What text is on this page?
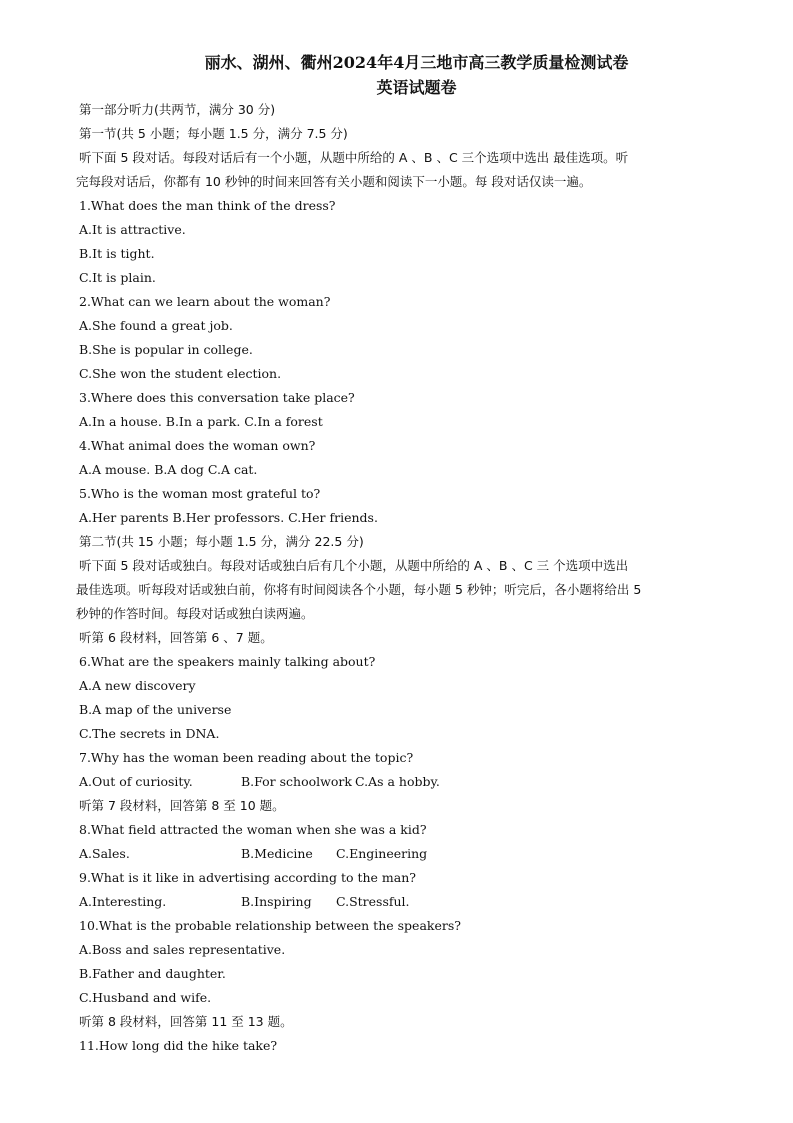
丽水、湖州、衢州2024年4月三地市高三教学质量检测试卷
英语试题卷
第一部分听力(共两节，满分 30 分)
第一节(共 5 小题；每小题 1.5 分，满分 7.5 分)
听下面 5 段对话。每段对话后有一个小题，从题中所给的 A 、B 、C 三个选项中选出 最佳选项。听
完每段对话后，你都有 10 秒钟的时间来回答有关小题和阅读下一小题。每 段对话仅读一遍。
1.What does the man think of the dress?
A.It is attractive.
B.It is tight.
C.It is plain.
2.What can we learn about the woman?
A.She found a great job.
B.She is popular in college.
C.She won the student election.
3.Where does this conversation take place?
A.In a house. B.In a park. C.In a forest
4.What animal does the woman own?
A.A mouse. B.A dog C.A cat.
5.Who is the woman most grateful to?
A.Her parents B.Her professors. C.Her friends.
第二节(共 15 小题；每小题 1.5 分，满分 22.5 分)
听下面 5 段对话或独白。每段对话或独白后有几个小题，从题中所给的 A 、B 、C 三 个选项中选出
最佳选项。听每段对话或独白前，你将有时间阅读各个小题，每小题 5 秒钟；听完后，各小题将给出 5
秒钟的作答时间。每段对话或独白读两遍。
听第 6 段材料，回答第 6 、7 题。
6.What are the speakers mainly talking about?
A.A new discovery
B.A map of the universe
C.The secrets in DNA.
7.Why has the woman been reading about the topic?
A.Out of curiosity.	B.For schoolwork C.As a hobby.
听第 7 段材料，回答第 8 至 10 题。
8.What field attracted the woman when she was a kid?
A.Sales.	B.Medicine	C.Engineering
9.What is it like in advertising according to the man?
A.Interesting.	B.Inspiring	C.Stressful.
10.What is the probable relationship between the speakers?
A.Boss and sales representative.
B.Father and daughter.
C.Husband and wife.
听第 8 段材料，回答第 11 至 13 题。
11.How long did the hike take?
